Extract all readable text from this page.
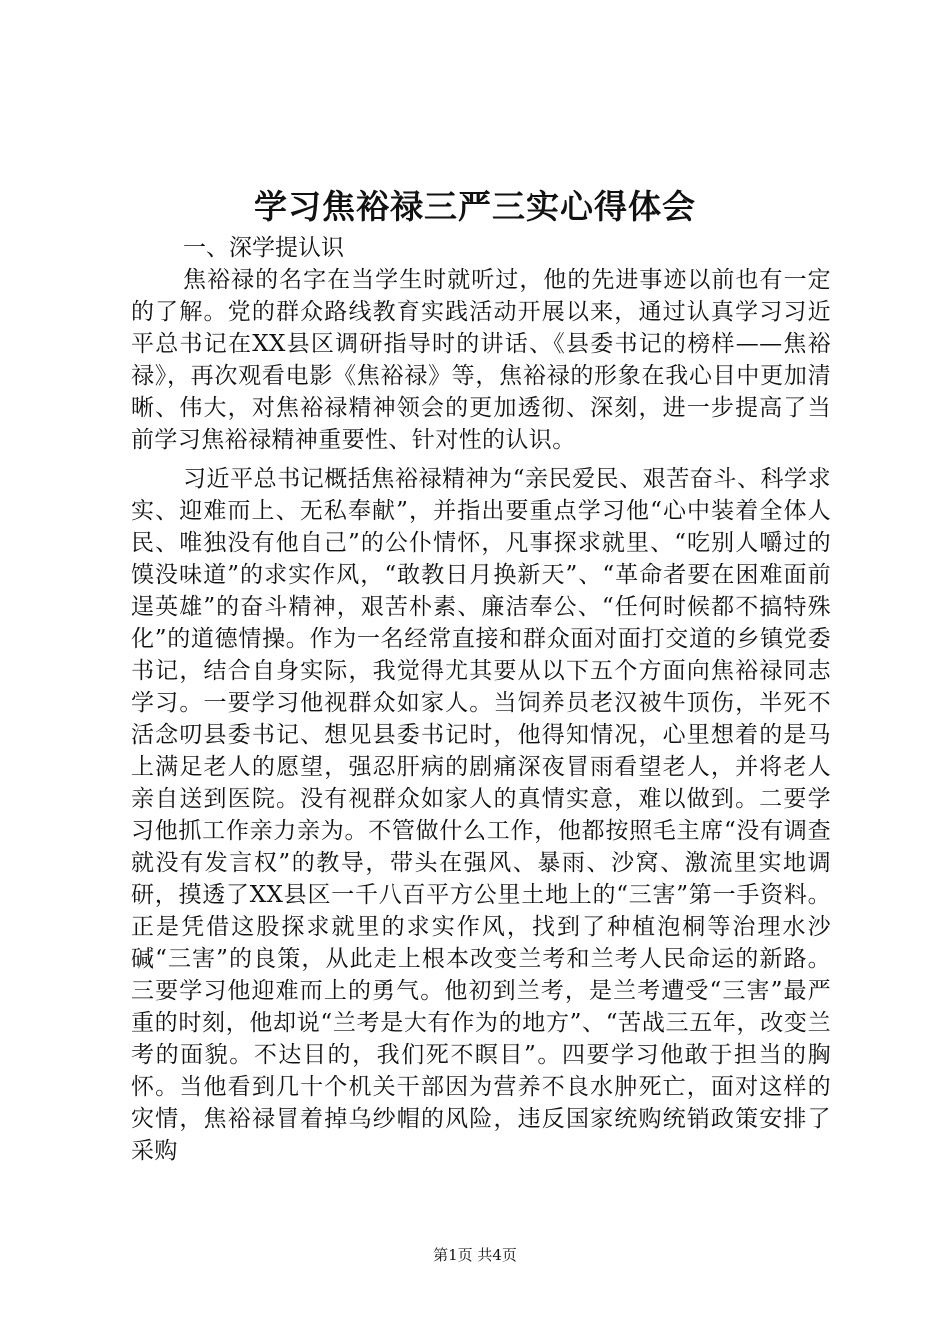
学习焦裕禄三严三实心得体会

一、深学提认识

焦裕禄的名字在当学生时就听过，他的先进事迹以前也有一定的了解。党的群众路线教育实践活动开展以来，通过认真学习习近平总书记在XX县区调研指导时的讲话、《县委书记的榜样——焦裕禄》，再次观看电影《焦裕禄》等，焦裕禄的形象在我心目中更加清晰、伟大，对焦裕禄精神领会的更加透彻、深刻，进一步提高了当前学习焦裕禄精神重要性、针对性的认识。

习近平总书记概括焦裕禄精神为“亲民爱民、艰苦奋斗、科学求实、迎难而上、无私奉献”，并指出要重点学习他“心中装着全体人民、唯独没有他自己”的公仆情怀，凡事探求就里、“吃别人嚼过的馍没味道”的求实作风，“敢教日月换新天”、“革命者要在困难面前逞英雄”的奋斗精神，艰苦朴素、廉洁奉公、“任何时候都不搞特殊化”的道德情操。作为一名经常直接和群众面对面打交道的乡镇党委书记，结合自身实际，我觉得尤其要从以下五个方面向焦裕禄同志学习。一要学习他视群众如家人。当饲养员老汉被牛顶伤，半死不活念叨县委书记、想见县委书记时，他得知情况，心里想着的是马上满足老人的愿望，强忍肝病的剧痛深夜冒雨看望老人，并将老人亲自送到医院。没有视群众如家人的真情实意，难以做到。二要学习他抓工作亲力亲为。不管做什么工作，他都按照毛主席“没有调查就没有发言权”的教导，带头在强风、暴雨、沙窝、激流里实地调研，摸透了XX县区一千八百平方公里土地上的“三害”第一手资料。正是凭借这股探求就里的求实作风，找到了种植泡桐等治理水沙碱“三害”的良策，从此走上根本改变兰考和兰考人民命运的新路。三要学习他迎难而上的勇气。他初到兰考，是兰考遭受“三害”最严重的时刻，他却说“兰考是大有作为的地方”、“苦战三五年，改变兰考的面貌。不达目的，我们死不瞑目”。四要学习他敢于担当的胸怀。当他看到几十个机关干部因为营养不良水肿死亡，面对这样的灾情，焦裕禄冒着掉乌纱帽的风险，违反国家统购统销政策安排了采购

第1页 共4页
